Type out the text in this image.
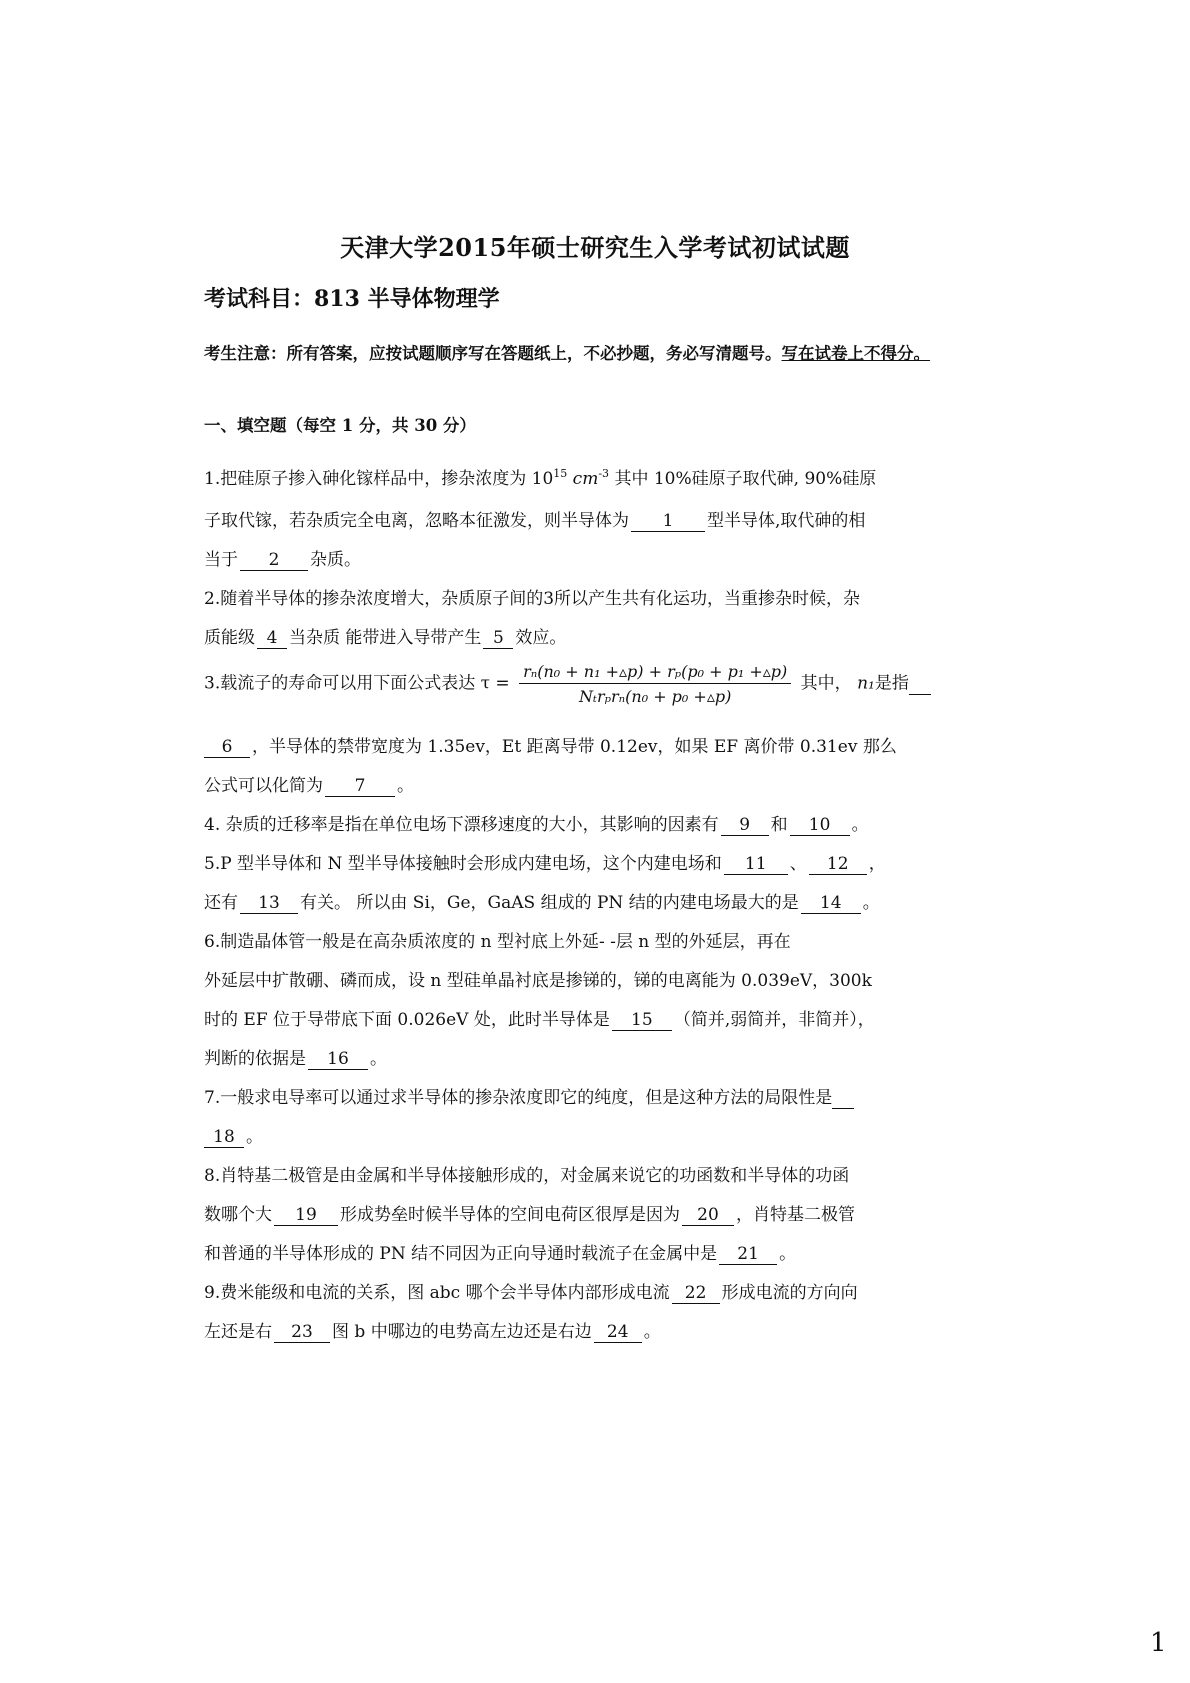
天津大学2015年硕士研究生入学考试初试试题
考试科目：813 半导体物理学
考生注意：所有答案，应按试题顺序写在答题纸上，不必抄题，务必写清题号。写在试卷上不得分。
一、填空题（每空 1 分，共 30 分）
1.把硅原子掺入砷化镓样品中，掺杂浓度为 $10^{15}$ $cm^{-3}$ 其中 10%硅原子取代砷, 90%硅原
子取代镓，若杂质完全电离，忽略本征激发，则半导体为 1 型半导体,取代砷的相
当于 2 杂质。
2.随着半导体的掺杂浓度增大，杂质原子间的3所以产生共有化运功，当重掺杂时候，杂
质能级 4 当杂质 能带进入导带产生 5 效应。
3.载流子的寿命可以用下面公式表达 $\tau = \frac{\text{rₙ(n₀ + n₁ +▵p) + rₚ(p₀ + p₁ +▵p)}}{\text{Nₜrₚrₙ(n₀ + p₀ +▵p)}}$ 其中， n₁是指
6 ，半导体的禁带宽度为 1.35ev，Et 距离导带 0.12ev，如果 EF 离价带 0.31ev 那么
公式可以化简为 7 。
4. 杂质的迁移率是指在单位电场下漂移速度的大小，其影响的因素有 9 和 10 。
5.P 型半导体和 N 型半导体接触时会形成内建电场，这个内建电场和 11 、 12 ，
还有 13 有关。 所以由 Si，Ge，GaAS 组成的 PN 结的内建电场最大的是 14 。
6.制造晶体管一般是在高杂质浓度的 n 型衬底上外延- -层 n 型的外延层，再在
外延层中扩散硼、磷而成，设 n 型硅单晶衬底是掺锑的，锑的电离能为 0.039eV，300k
时的 EF 位于导带底下面 0.026eV 处，此时半导体是 15 （简并,弱简并，非简并），
判断的依据是 16 。
7.一般求电导率可以通过求半导体的掺杂浓度即它的纯度，但是这种方法的局限性是
18 。
8.肖特基二极管是由金属和半导体接触形成的，对金属来说它的功函数和半导体的功函
数哪个大 19 形成势垒时候半导体的空间电荷区很厚是因为 20 ，肖特基二极管
和普通的半导体形成的 PN 结不同因为正向导通时载流子在金属中是 21 。
9.费米能级和电流的关系，图 abc 哪个会半导体内部形成电流 22 形成电流的方向向
左还是右 23 图 b 中哪边的电势高左边还是右边 24 。
1
